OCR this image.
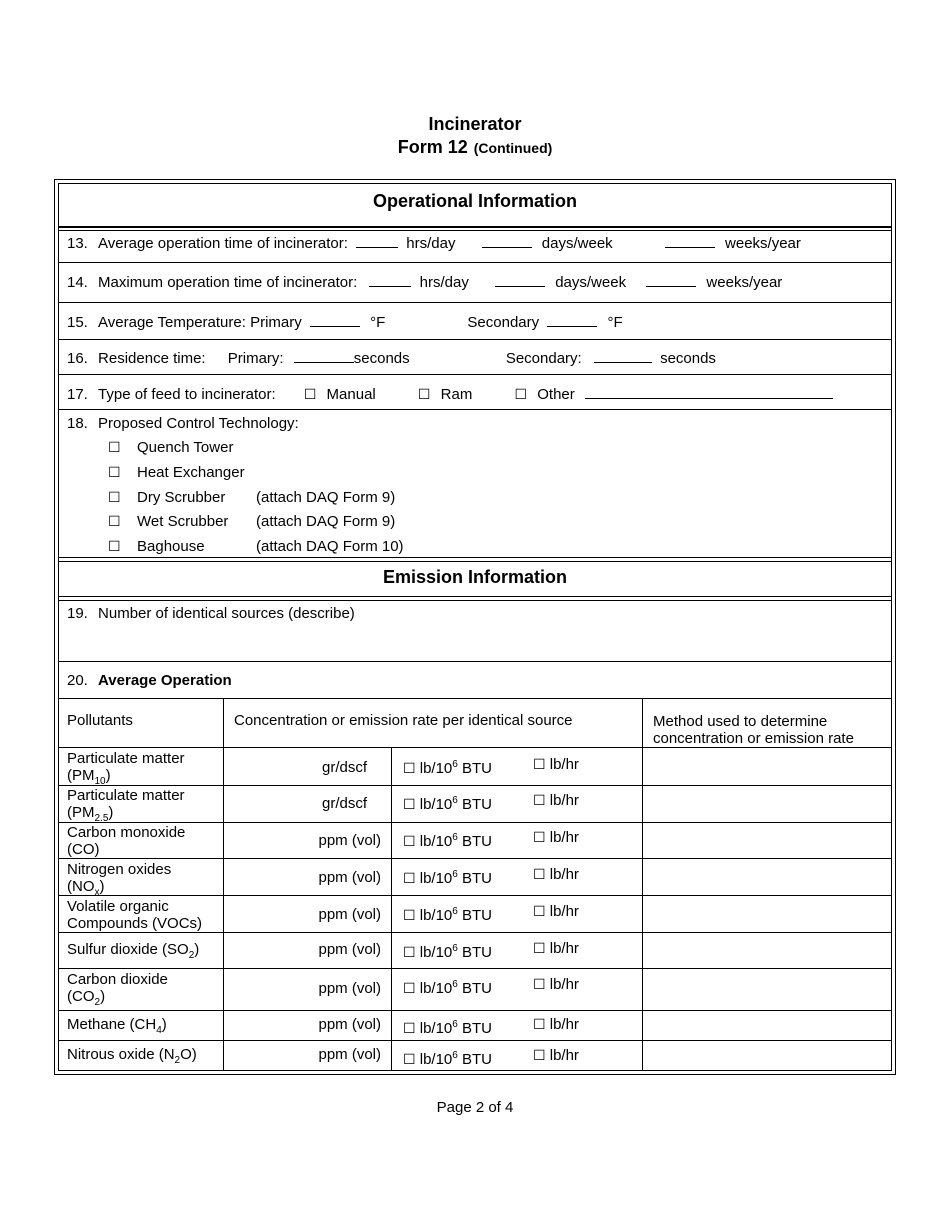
Incinerator
Form 12 (Continued)
Operational Information
13. Average operation time of incinerator:	hrs/day	days/week	weeks/year
14. Maximum operation time of incinerator:	hrs/day	days/week	weeks/year
15. Average Temperature: Primary	°F	Secondary	°F
16. Residence time: Primary:	seconds	Secondary:	seconds
17. Type of feed to incinerator: ☐ Manual	☐ Ram	☐ Other
18. Proposed Control Technology:
☐ Quench Tower
☐ Heat Exchanger
☐ Dry Scrubber (attach DAQ Form 9)
☐ Wet Scrubber (attach DAQ Form 9)
☐ Baghouse	(attach DAQ Form 10)
Emission Information
19. Number of identical sources (describe)
20. Average Operation
Pollutants	Concentration or emission rate per identical source	Method used to determine
concentration or emission rate
Particulate matter
$(PM_{10})$	gr/dscf	☐ $lb/10^6$ BTU	☐ lb/hr
Particulate matter
$(PM_{2.5})$
gr/dscf	☐ $lb/10^6$ BTU	☐ lb/hr
Carbon monoxide
(CO)
ppm (vol) ☐ $lb/10^6$ BTU	☐ lb/hr
Nitrogen oxides
$(NO_x)$
ppm (vol) ☐ $lb/10^6$ BTU	☐ lb/hr
Volatile organic
Compounds (VOCs)
ppm (vol) ☐ $lb/10^6$ BTU	☐ lb/hr
Sulfur dioxide $(SO_2)$	ppm (vol) ☐ $lb/10^6$ BTU	☐ lb/hr
Carbon dioxide
$(CO_2)$	ppm (vol) ☐ $lb/10^6$ BTU	☐ lb/hr
Methane $(CH_4)$	ppm (vol) ☐ $lb/10^6$ BTU	☐ lb/hr
Nitrous oxide $(N_2O)$	ppm (vol) ☐ $lb/10^6$ BTU	☐ lb/hr
Page 2 of 4
